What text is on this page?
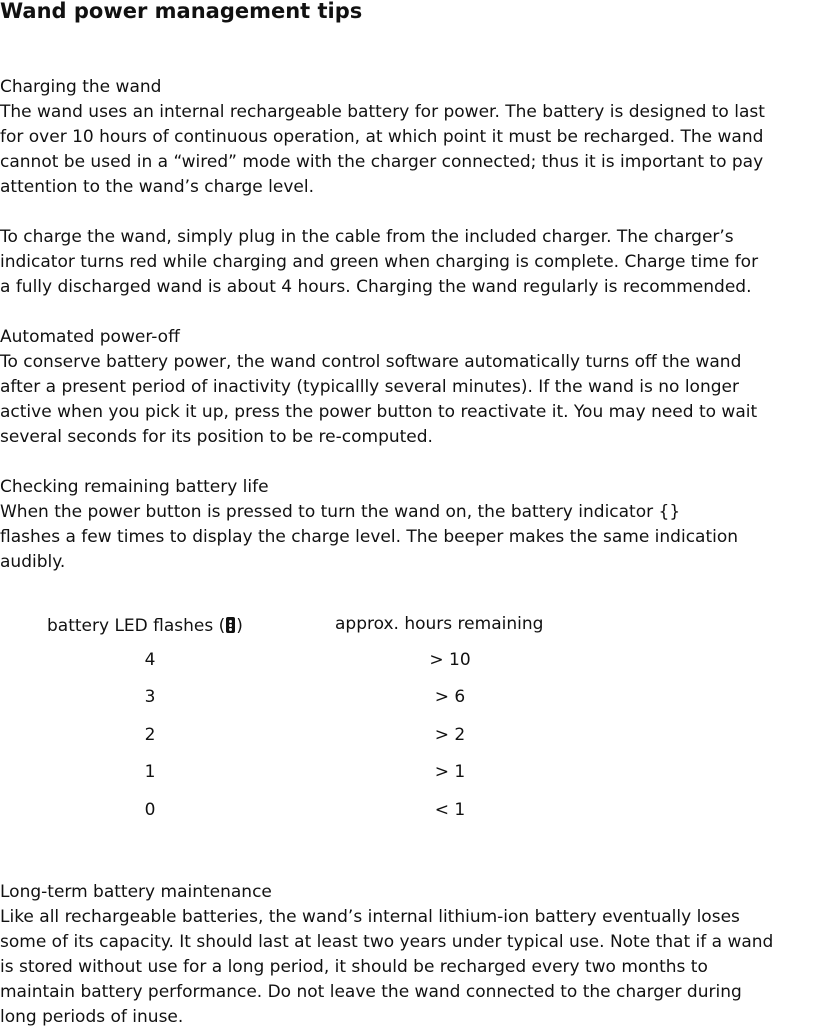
Wand power management tips

Charging the wand

The wand uses an internal rechargeable battery for power. The battery is designed to last
for over 10 hours of continuous operation, at which point it must be recharged. The wand
cannot be used in a “wired” mode with the charger connected; thus it is important to pay
attention to the wand’s charge level.

To charge the wand, simply plug in the cable from the included charger. The charger’s
indicator turns red while charging and green when charging is complete. Charge time for
a fully discharged wand is about 4 hours. Charging the wand regularly is recommended.

Automated power-off

To conserve battery power, the wand control software automatically turns off the wand
after a present period of inactivity (typicallly several minutes). If the wand is no longer
active when you pick it up, press the power button to reactivate it. You may need to wait
several seconds for its position to be re-computed.

Checking remaining battery life

When the power button is pressed to turn the wand on, the battery indicator {}
flashes a few times to display the charge level. The beeper makes the same indication
audibly.

battery LED flashes ( )	approx. hours remaining
4	> 10
3	> 6
2	> 2
1	> 1
0	< 1

Long-term battery maintenance

Like all rechargeable batteries, the wand’s internal lithium-ion battery eventually loses
some of its capacity. It should last at least two years under typical use. Note that if a wand
is stored without use for a long period, it should be recharged every two months to
maintain battery performance. Do not leave the wand connected to the charger during
long periods of inuse.
